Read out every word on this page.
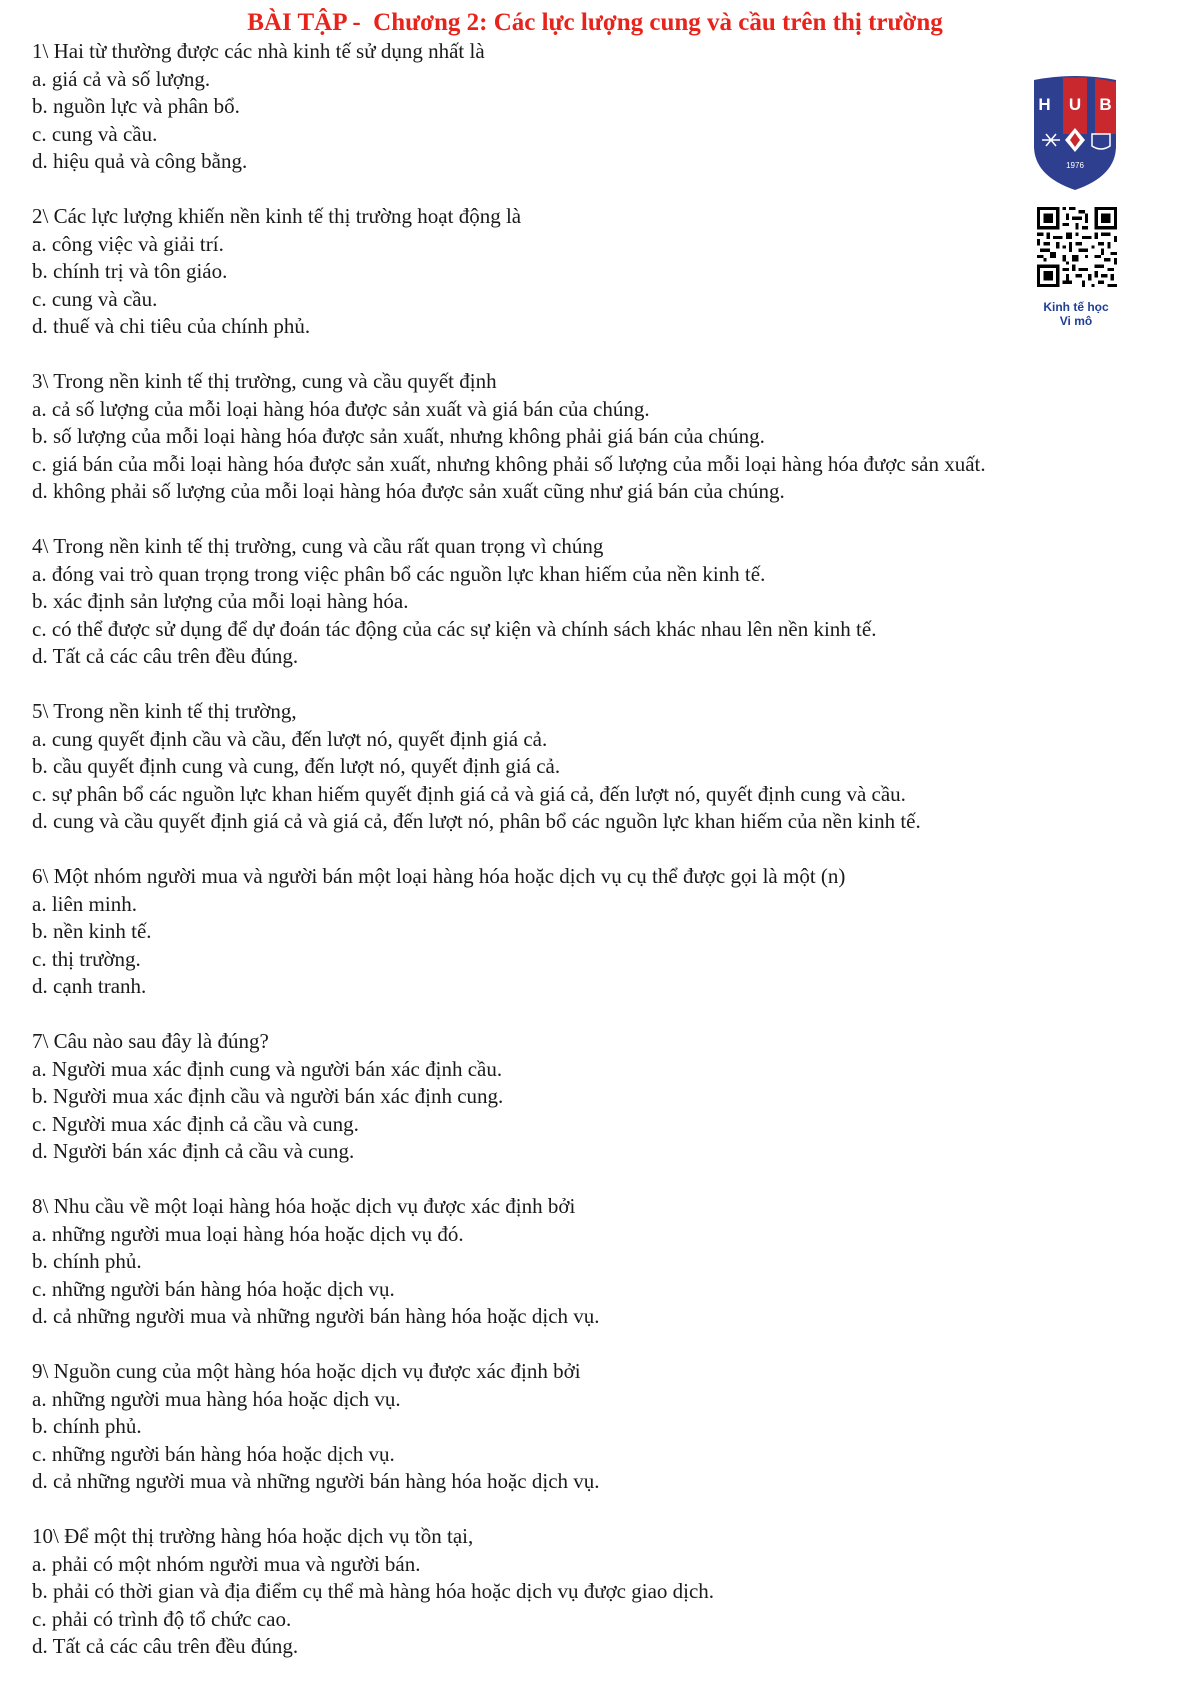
BÀI TẬP -  Chương 2: Các lực lượng cung và cầu trên thị trường
1\ Hai từ thường được các nhà kinh tế sử dụng nhất là
a. giá cả và số lượng.
b. nguồn lực và phân bổ.
c. cung và cầu.
d. hiệu quả và công bằng.
2\ Các lực lượng khiến nền kinh tế thị trường hoạt động là
a. công việc và giải trí.
b. chính trị và tôn giáo.
c. cung và cầu.
d. thuế và chi tiêu của chính phủ.
3\ Trong nền kinh tế thị trường, cung và cầu quyết định
a. cả số lượng của mỗi loại hàng hóa được sản xuất và giá bán của chúng.
b. số lượng của mỗi loại hàng hóa được sản xuất, nhưng không phải giá bán của chúng.
c. giá bán của mỗi loại hàng hóa được sản xuất, nhưng không phải số lượng của mỗi loại hàng hóa được sản xuất.
d. không phải số lượng của mỗi loại hàng hóa được sản xuất cũng như giá bán của chúng.
4\ Trong nền kinh tế thị trường, cung và cầu rất quan trọng vì chúng
a. đóng vai trò quan trọng trong việc phân bổ các nguồn lực khan hiếm của nền kinh tế.
b. xác định sản lượng của mỗi loại hàng hóa.
c. có thể được sử dụng để dự đoán tác động của các sự kiện và chính sách khác nhau lên nền kinh tế.
d. Tất cả các câu trên đều đúng.
5\ Trong nền kinh tế thị trường,
a. cung quyết định cầu và cầu, đến lượt nó, quyết định giá cả.
b. cầu quyết định cung và cung, đến lượt nó, quyết định giá cả.
c. sự phân bổ các nguồn lực khan hiếm quyết định giá cả và giá cả, đến lượt nó, quyết định cung và cầu.
d. cung và cầu quyết định giá cả và giá cả, đến lượt nó, phân bổ các nguồn lực khan hiếm của nền kinh tế.
6\ Một nhóm người mua và người bán một loại hàng hóa hoặc dịch vụ cụ thể được gọi là một (n)
a. liên minh.
b. nền kinh tế.
c. thị trường.
d. cạnh tranh.
7\ Câu nào sau đây là đúng?
a. Người mua xác định cung và người bán xác định cầu.
b. Người mua xác định cầu và người bán xác định cung.
c. Người mua xác định cả cầu và cung.
d. Người bán xác định cả cầu và cung.
8\ Nhu cầu về một loại hàng hóa hoặc dịch vụ được xác định bởi
a. những người mua loại hàng hóa hoặc dịch vụ đó.
b. chính phủ.
c. những người bán hàng hóa hoặc dịch vụ.
d. cả những người mua và những người bán hàng hóa hoặc dịch vụ.
9\ Nguồn cung của một hàng hóa hoặc dịch vụ được xác định bởi
a. những người mua hàng hóa hoặc dịch vụ.
b. chính phủ.
c. những người bán hàng hóa hoặc dịch vụ.
d. cả những người mua và những người bán hàng hóa hoặc dịch vụ.
10\ Để một thị trường hàng hóa hoặc dịch vụ tồn tại,
a. phải có một nhóm người mua và người bán.
b. phải có thời gian và địa điểm cụ thể mà hàng hóa hoặc dịch vụ được giao dịch.
c. phải có trình độ tổ chức cao.
d. Tất cả các câu trên đều đúng.
H U B
1976
Kinh tế học
Vi mô
